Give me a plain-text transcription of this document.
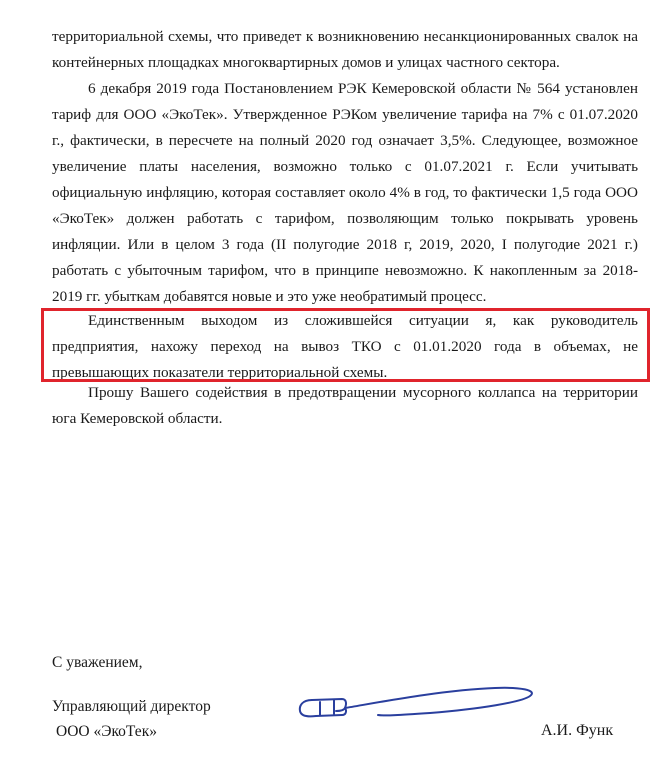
территориальной схемы, что приведет к возникновению несанкционированных свалок на контейнерных площадках многоквартирных домов и улицах частного сектора.

6 декабря 2019 года Постановлением РЭК Кемеровской области № 564 установлен тариф для ООО «ЭкоТек». Утвержденное РЭКом увеличение тарифа на 7% с 01.07.2020 г., фактически, в пересчете на полный 2020 год означает 3,5%. Следующее, возможное увеличение платы населения, возможно только с 01.07.2021 г. Если учитывать официальную инфляцию, которая составляет около 4% в год, то фактически 1,5 года ООО «ЭкоТек» должен работать с тарифом, позволяющим только покрывать уровень инфляции. Или в целом 3 года (II полугодие 2018 г, 2019, 2020, I полугодие 2021 г.) работать с убыточным тарифом, что в принципе невозможно. К накопленным за 2018-2019 гг. убыткам добавятся новые и это уже необратимый процесс.

Единственным выходом из сложившейся ситуации я, как руководитель предприятия, нахожу переход на вывоз ТКО с 01.01.2020 года в объемах, не превышающих показатели территориальной схемы.

Прошу Вашего содействия в предотвращении мусорного коллапса на территории юга Кемеровской области.

С уважением,
Управляющий директор
ООО «ЭкоТек»	А.И. Функ
